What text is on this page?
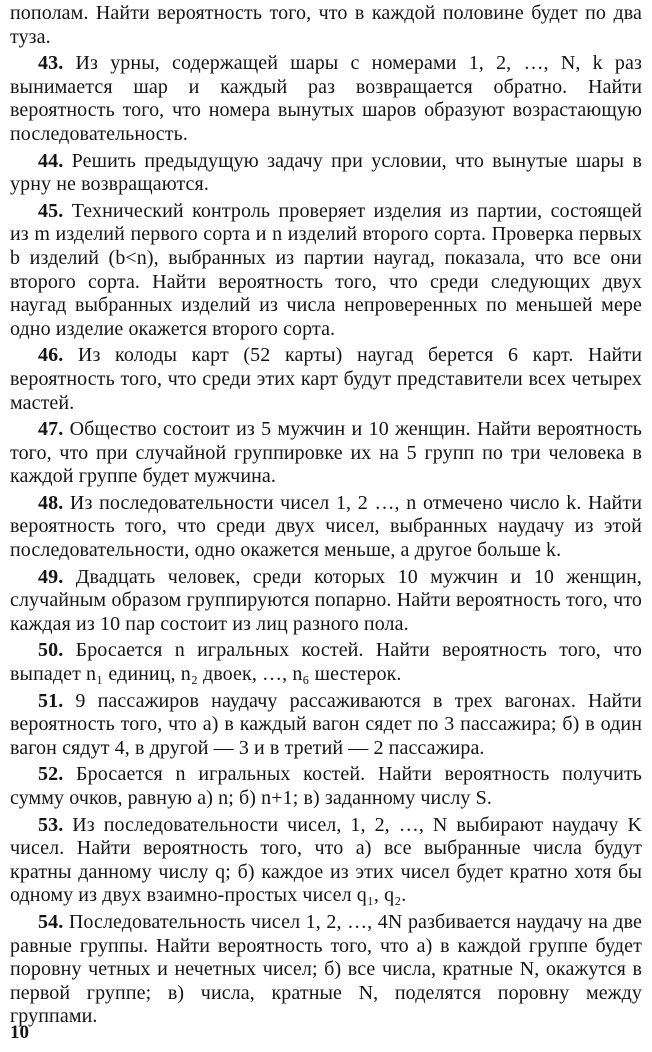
пополам. Найти вероятность того, что в каждой половине будет по два туза.

43. Из урны, содержащей шары с номерами 1, 2, …, N, k раз вынимается шар и каждый раз возвращается обратно. Найти вероятность того, что номера вынутых шаров образуют возрастающую последовательность.

44. Решить предыдущую задачу при условии, что вынутые шары в урну не возвращаются.

45. Технический контроль проверяет изделия из партии, состоящей из m изделий первого сорта и n изделий второго сорта. Проверка первых b изделий (b<n), выбранных из партии наугад, показала, что все они второго сорта. Найти вероятность того, что среди следующих двух наугад выбранных изделий из числа непроверенных по меньшей мере одно изделие окажется второго сорта.

46. Из колоды карт (52 карты) наугад берется 6 карт. Найти вероятность того, что среди этих карт будут представители всех четырех мастей.

47. Общество состоит из 5 мужчин и 10 женщин. Найти вероятность того, что при случайной группировке их на 5 групп по три человека в каждой группе будет мужчина.

48. Из последовательности чисел 1, 2 …, n отмечено число k. Найти вероятность того, что среди двух чисел, выбранных наудачу из этой последовательности, одно окажется меньше, а другое больше k.

49. Двадцать человек, среди которых 10 мужчин и 10 женщин, случайным образом группируются попарно. Найти вероятность того, что каждая из 10 пар состоит из лиц разного пола.

50. Бросается n игральных костей. Найти вероятность того, что выпадет n₁ единиц, n₂ двоек, …, n₆ шестерок.

51. 9 пассажиров наудачу рассаживаются в трех вагонах. Найти вероятность того, что а) в каждый вагон сядет по 3 пассажира; б) в один вагон сядут 4, в другой — 3 и в третий — 2 пассажира.

52. Бросается n игральных костей. Найти вероятность получить сумму очков, равную а) n; б) n+1; в) заданному числу S.

53. Из последовательности чисел, 1, 2, …, N выбирают наудачу K чисел. Найти вероятность того, что а) все выбранные числа будут кратны данному числу q; б) каждое из этих чисел будет кратно хотя бы одному из двух взаимно-простых чисел q₁, q₂.

54. Последовательность чисел 1, 2, …, 4N разбивается наудачу на две равные группы. Найти вероятность того, что а) в каждой группе будет поровну четных и нечетных чисел; б) все числа, кратные N, окажутся в первой группе; в) числа, кратные N, поделятся поровну между группами.

10
